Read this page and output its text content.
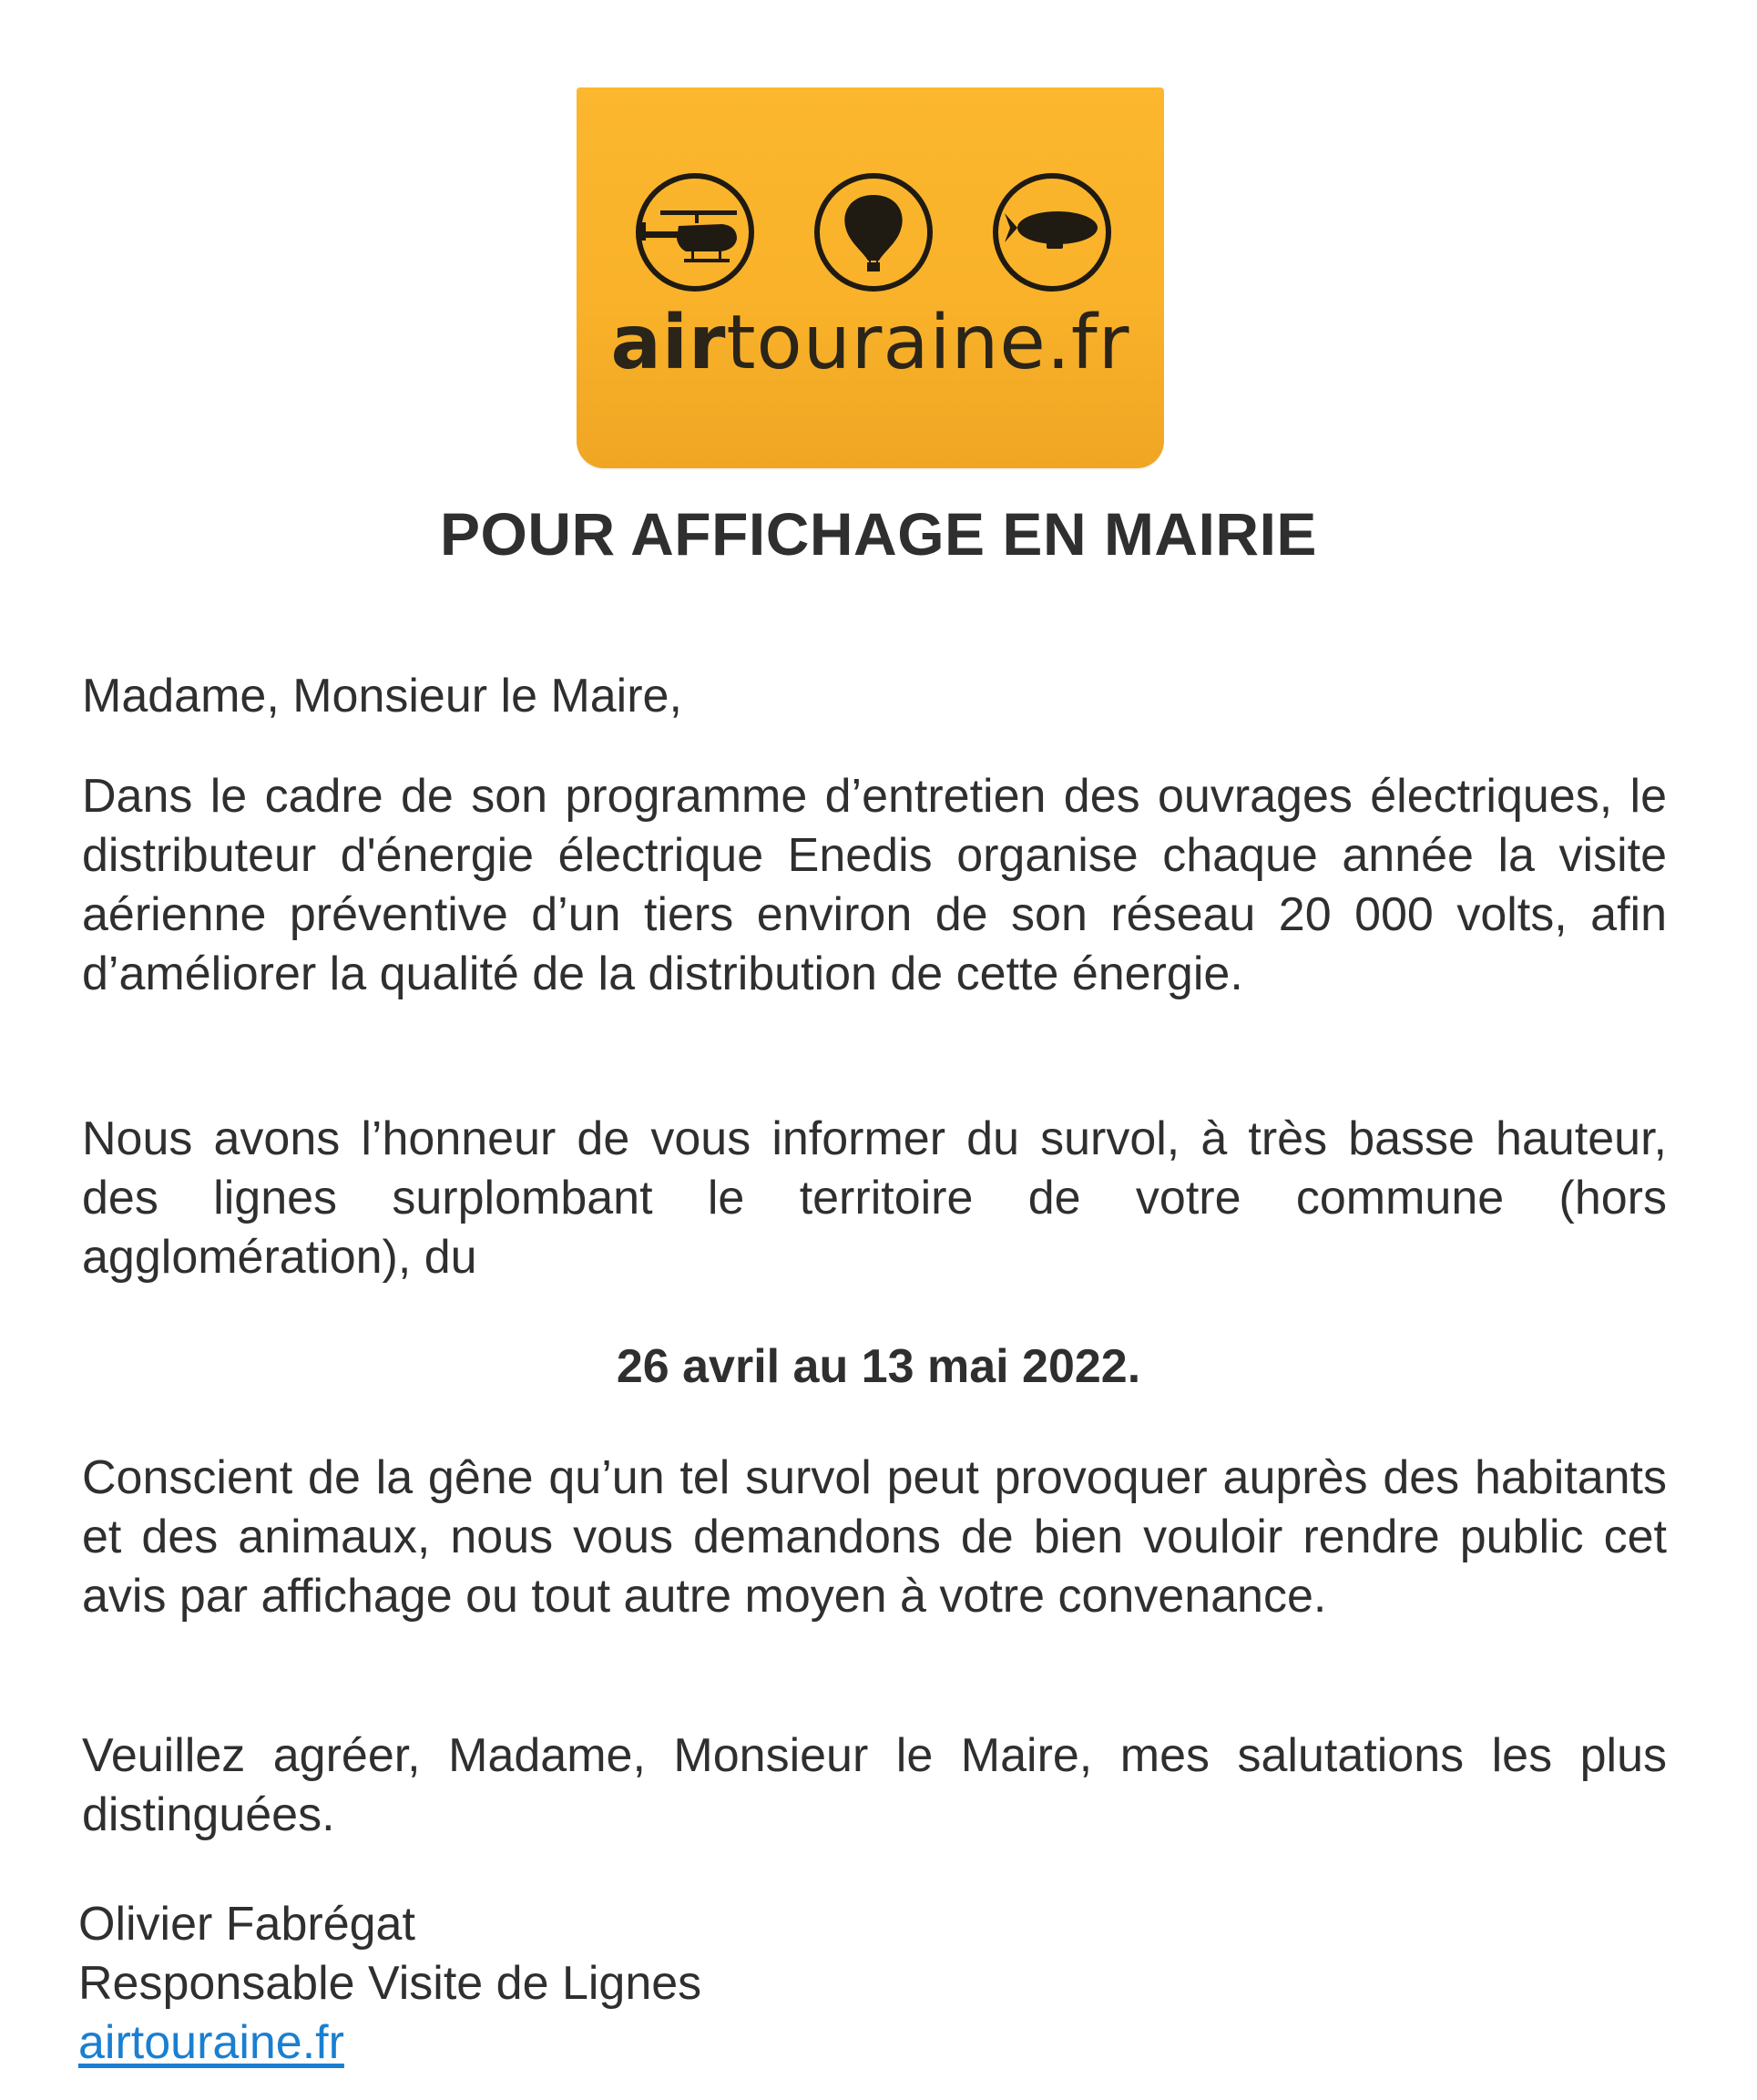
airtouraine.fr
POUR AFFICHAGE EN MAIRIE
Madame, Monsieur le Maire,
Dans le cadre de son programme d’entretien des ouvrages électriques, le distributeur d'énergie électrique Enedis organise chaque année la visite aérienne préventive d’un tiers environ de son réseau 20 000 volts, afin d’améliorer la qualité de la distribution de cette énergie.
Nous avons l’honneur de vous informer du survol, à très basse hauteur, des lignes surplombant le territoire de votre commune (hors agglomération), du
26 avril au 13 mai 2022.
Conscient de la gêne qu’un tel survol peut provoquer auprès des habitants et des animaux, nous vous demandons de bien vouloir rendre public cet avis par affichage ou tout autre moyen à votre convenance.
Veuillez agréer, Madame, Monsieur le Maire, mes salutations les plus distinguées.
Olivier Fabrégat
Responsable Visite de Lignes
airtouraine.fr
